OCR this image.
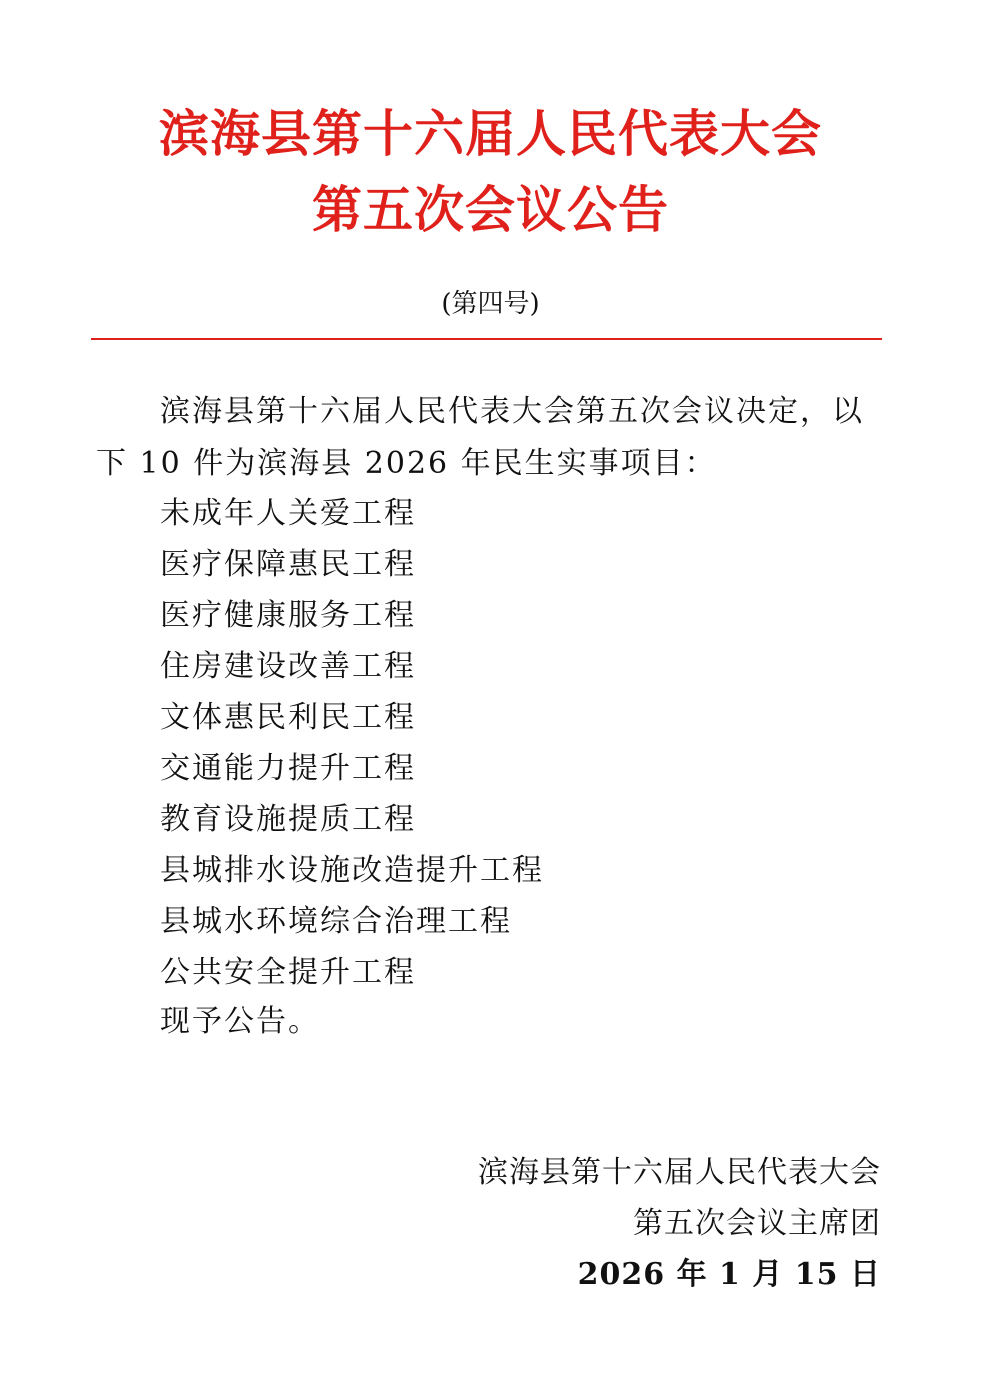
滨海县第十六届人民代表大会
第五次会议公告
(第四号)
滨海县第十六届人民代表大会第五次会议决定，以
下 10 件为滨海县 2026 年民生实事项目：
未成年人关爱工程
医疗保障惠民工程
医疗健康服务工程
住房建设改善工程
文体惠民利民工程
交通能力提升工程
教育设施提质工程
县城排水设施改造提升工程
县城水环境综合治理工程
公共安全提升工程
现予公告。
滨海县第十六届人民代表大会
第五次会议主席团
2026 年 1 月 15 日
